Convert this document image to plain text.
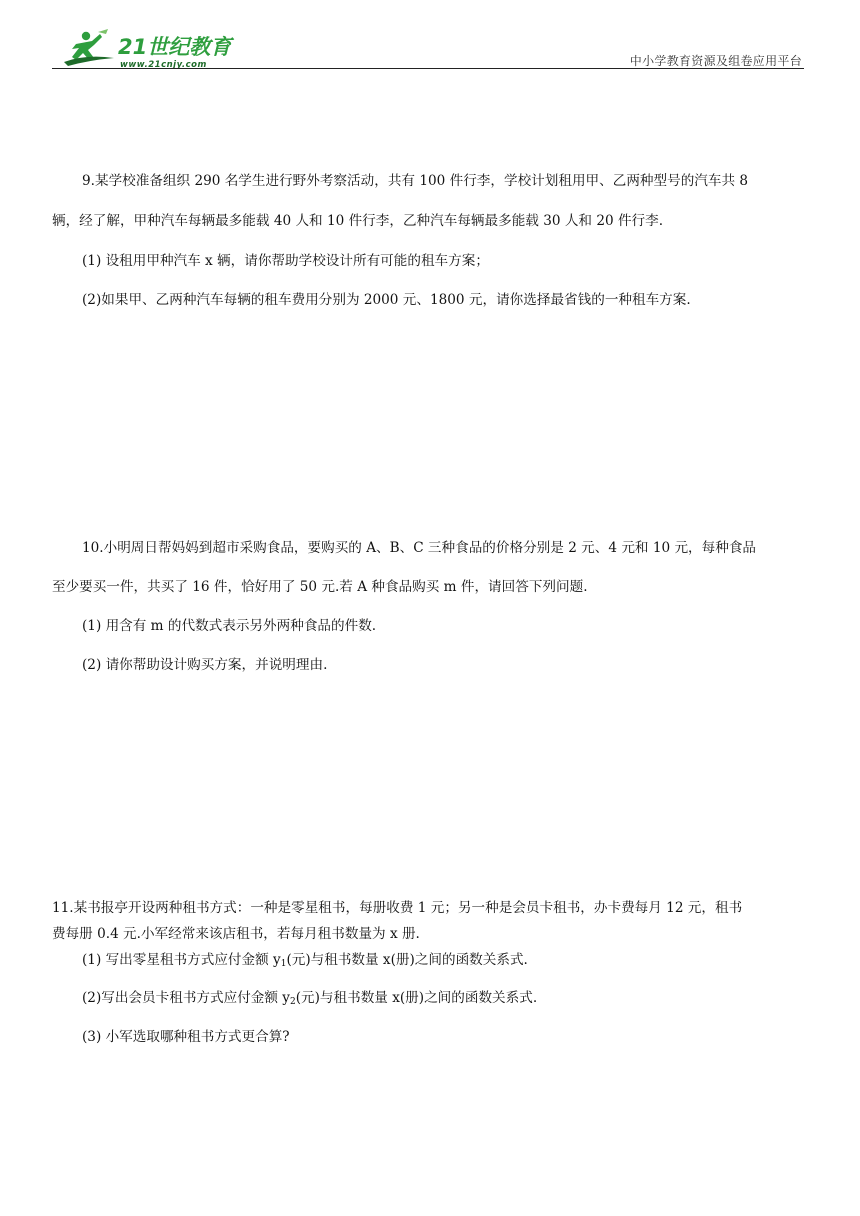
21世纪教育
www.21cnjy.com	中小学教育资源及组卷应用平台
9.某学校准备组织 290 名学生进行野外考察活动，共有 100 件行李，学校计划租用甲、乙两种型号的汽车共 8
辆，经了解，甲种汽车每辆最多能载 40 人和 10 件行李，乙种汽车每辆最多能载 30 人和 20 件行李.
(1) 设租用甲种汽车 x 辆，请你帮助学校设计所有可能的租车方案；
(2)如果甲、乙两种汽车每辆的租车费用分别为 2000 元、1800 元，请你选择最省钱的一种租车方案.
10.小明周日帮妈妈到超市采购食品，要购买的 A、B、C 三种食品的价格分别是 2 元、4 元和 10 元，每种食品
至少要买一件，共买了 16 件，恰好用了 50 元.若 A 种食品购买 m 件，请回答下列问题.
(1) 用含有 m 的代数式表示另外两种食品的件数.
(2) 请你帮助设计购买方案，并说明理由.
11.某书报亭开设两种租书方式：一种是零星租书，每册收费 1 元；另一种是会员卡租书，办卡费每月 12 元，租书
费每册 0.4 元.小军经常来该店租书，若每月租书数量为 x 册.
(1) 写出零星租书方式应付金额 $y_1$(元)与租书数量 x(册)之间的函数关系式.
(2)写出会员卡租书方式应付金额 $y_2$(元)与租书数量 x(册)之间的函数关系式.
(3) 小军选取哪种租书方式更合算?
